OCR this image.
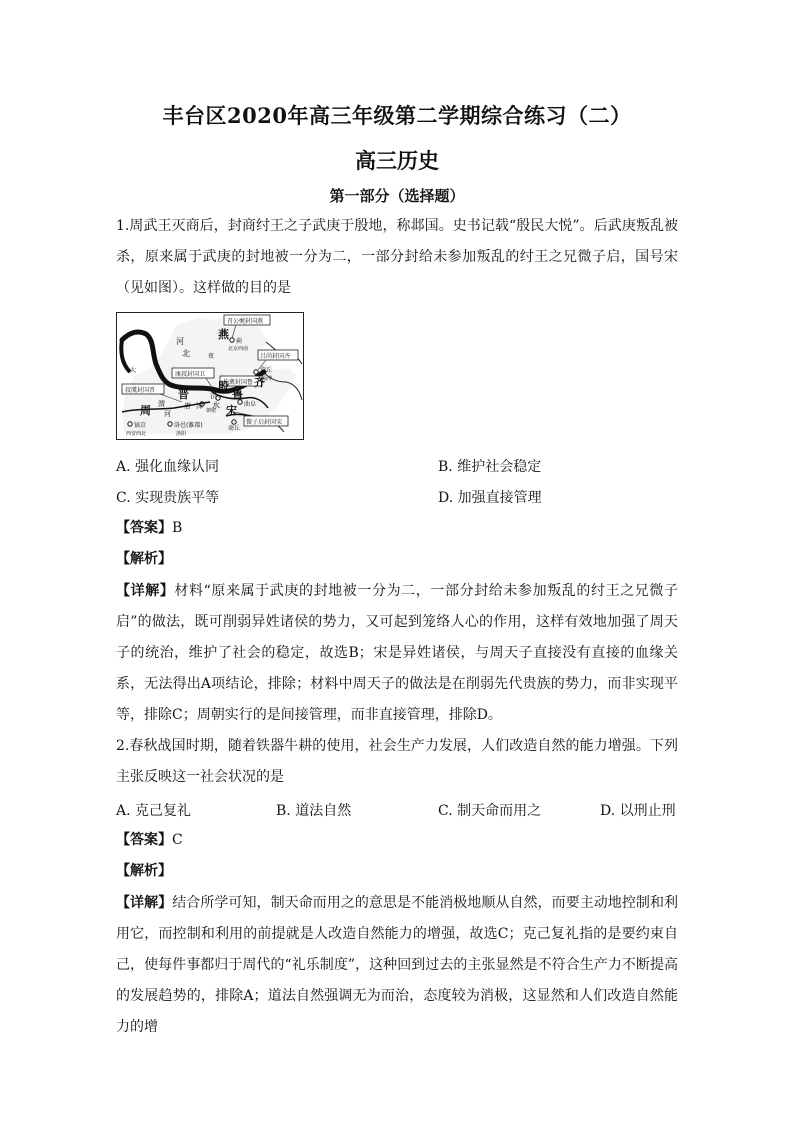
丰台区2020年高三年级第二学期综合练习（二）
高三历史
第一部分（选择题）

1.周武王灭商后，封商纣王之子武庚于殷地，称邶国。史书记载“殷民大悦”。后武庚叛乱被杀，原来属于武庚的封地被一分为二，一部分封给未参加叛乱的纣王之兄微子启，国号宋（见如图）。这样做的目的是

召公奭封国燕
燕
蓟
北京西南
吕尚封国齐
营丘
淄博
河
北
大
夜
康叔封国卫
伯禽封国鲁 齐
鲁
曲阜
殷
朝歌
晋
唐 沬
济
水 宋
叔虞封国晋
周
镐京
西安西北
洛邑(雒都)
洛阳
商丘
微子启封国宋
渭
河
A. 强化血缘认同	B. 维护社会稳定
C. 实现贵族平等	D. 加强直接管理
【答案】B
【解析】

【详解】材料“原来属于武庚的封地被一分为二，一部分封给未参加叛乱的纣王之兄微子启”的做法，既可削弱异姓诸侯的势力，又可起到笼络人心的作用，这样有效地加强了周天子的统治，维护了社会的稳定，故选B；宋是异姓诸侯，与周天子直接没有直接的血缘关系，无法得出A项结论，排除；材料中周天子的做法是在削弱先代贵族的势力，而非实现平等，排除C；周朝实行的是间接管理，而非直接管理，排除D。

2.春秋战国时期，随着铁器牛耕的使用，社会生产力发展，人们改造自然的能力增强。下列主张反映这一社会状况的是

A. 克己复礼	B. 道法自然	C. 制天命而用之	D. 以刑止刑
【答案】C
【解析】

【详解】结合所学可知，制天命而用之的意思是不能消极地顺从自然，而要主动地控制和利用它，而控制和利用的前提就是人改造自然能力的增强，故选C；克己复礼指的是要约束自己，使每件事都归于周代的“礼乐制度”，这种回到过去的主张显然是不符合生产力不断提高的发展趋势的，排除A；道法自然强调无为而治，态度较为消极，这显然和人们改造自然能力的增
